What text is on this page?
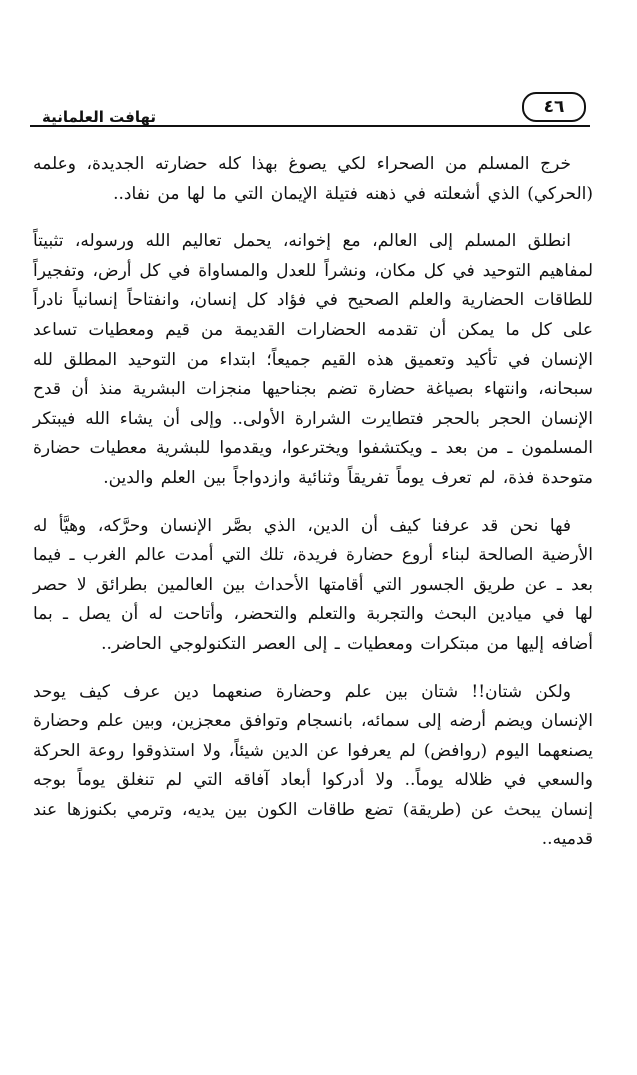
تهافت العلمانية	٤٦

خرج المسلم من الصحراء لكي يصوغ بهذا كله حضارته الجديدة، وعلمه (الحركي) الذي أشعلته في ذهنه فتيلة الإيمان التي ما لها من نفاد..

انطلق المسلم إلى العالم، مع إخوانه، يحمل تعاليم الله ورسوله، تثبيتاً لمفاهيم التوحيد في كل مكان، ونشراً للعدل والمساواة في كل أرض، وتفجيراً للطاقات الحضارية والعلم الصحيح في فؤاد كل إنسان، وانفتاحاً إنسانياً نادراً على كل ما يمكن أن تقدمه الحضارات القديمة من قيم ومعطيات تساعد الإنسان في تأكيد وتعميق هذه القيم جميعاً؛ ابتداء من التوحيد المطلق لله سبحانه، وانتهاء بصياغة حضارة تضم بجناحيها منجزات البشرية منذ أن قدح الإنسان الحجر بالحجر فتطايرت الشرارة الأولى.. وإلى أن يشاء الله فيبتكر المسلمون ـ من بعد ـ ويكتشفوا ويخترعوا، ويقدموا للبشرية معطيات حضارة متوحدة فذة، لم تعرف يوماً تفريقاً وثنائية وازدواجاً بين العلم والدين.

فها نحن قد عرفنا كيف أن الدين، الذي بصَّر الإنسان وحرَّكه، وهيَّأ له الأرضية الصالحة لبناء أروع حضارة فريدة، تلك التي أمدت عالم الغرب ـ فيما بعد ـ عن طريق الجسور التي أقامتها الأحداث بين العالمين بطرائق لا حصر لها في ميادين البحث والتجربة والتعلم والتحضر، وأتاحت له أن يصل ـ بما أضافه إليها من مبتكرات ومعطيات ـ إلى العصر التكنولوجي الحاضر..

ولكن شتان!! شتان بين علم وحضارة صنعهما دين عرف كيف يوحد الإنسان ويضم أرضه إلى سمائه، بانسجام وتوافق معجزين، وبين علم وحضارة يصنعهما اليوم (روافض) لم يعرفوا عن الدين شيئاً، ولا استذوقوا روعة الحركة والسعي في ظلاله يوماً.. ولا أدركوا أبعاد آفاقه التي لم تنغلق يوماً بوجه إنسان يبحث عن (طريقة) تضع طاقات الكون بين يديه، وترمي بكنوزها عند قدميه..
